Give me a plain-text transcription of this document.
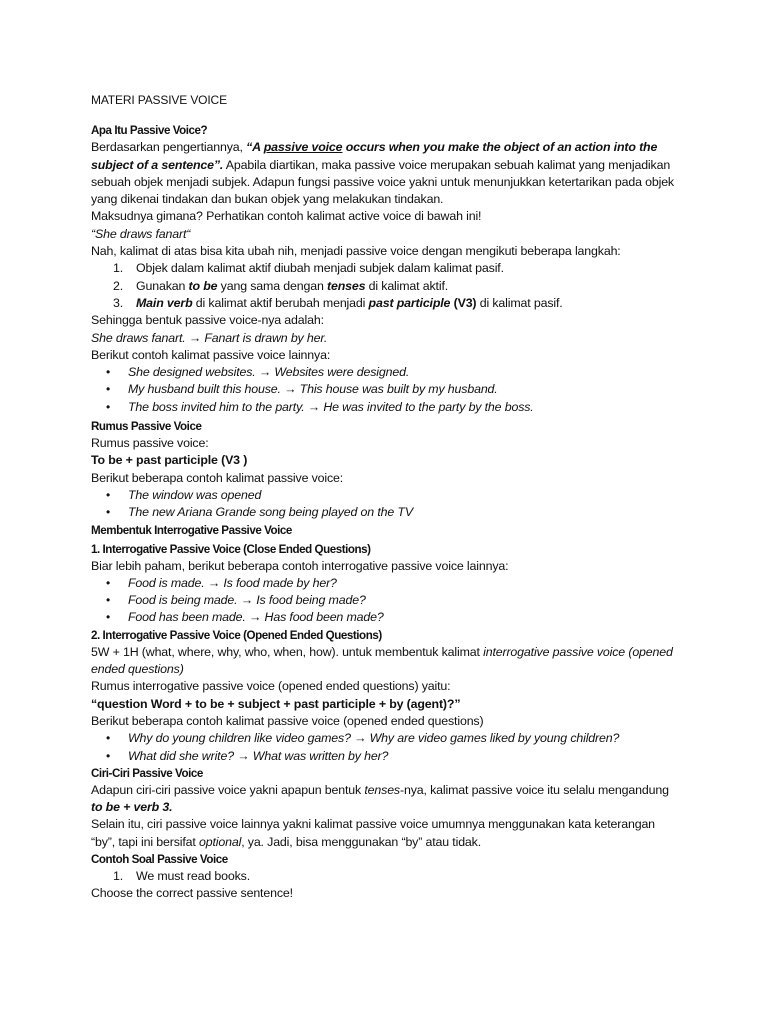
MATERI PASSIVE VOICE
Apa Itu Passive Voice?

Berdasarkan pengertiannya, “A passive voice occurs when you make the object of an action into the subject of a sentence”. Apabila diartikan, maka passive voice merupakan sebuah kalimat yang menjadikan sebuah objek menjadi subjek. Adapun fungsi passive voice yakni untuk menunjukkan ketertarikan pada objek yang dikenai tindakan dan bukan objek yang melakukan tindakan.

Maksudnya gimana? Perhatikan contoh kalimat active voice di bawah ini!

“She draws fanart“

Nah, kalimat di atas bisa kita ubah nih, menjadi passive voice dengan mengikuti beberapa langkah:

1. Objek dalam kalimat aktif diubah menjadi subjek dalam kalimat pasif.
2. Gunakan to be yang sama dengan tenses di kalimat aktif.
3. Main verb di kalimat aktif berubah menjadi past participle (V3) di kalimat pasif.

Sehingga bentuk passive voice-nya adalah:

She draws fanart. → Fanart is drawn by her.

Berikut contoh kalimat passive voice lainnya:

• She designed websites. → Websites were designed.
• My husband built this house. → This house was built by my husband.
• The boss invited him to the party. → He was invited to the party by the boss.
Rumus Passive Voice

Rumus passive voice:

To be + past participle (V3 )

Berikut beberapa contoh kalimat passive voice:

• The window was opened
• The new Ariana Grande song being played on the TV
Membentuk Interrogative Passive Voice
1. Interrogative Passive Voice (Close Ended Questions)

Biar lebih paham, berikut beberapa contoh interrogative passive voice lainnya:

• Food is made. → Is food made by her?
• Food is being made. → Is food being made?
• Food has been made. → Has food been made?
2. Interrogative Passive Voice (Opened Ended Questions)

5W + 1H (what, where, why, who, when, how). untuk membentuk kalimat interrogative passive voice (opened ended questions)

Rumus interrogative passive voice (opened ended questions) yaitu:

“question Word + to be + subject + past participle + by (agent)?”

Berikut beberapa contoh kalimat passive voice (opened ended questions)

• Why do young children like video games? → Why are video games liked by young children?
• What did she write? → What was written by her?
Ciri-Ciri Passive Voice

Adapun ciri-ciri passive voice yakni apapun bentuk tenses-nya, kalimat passive voice itu selalu mengandung to be + verb 3.

Selain itu, ciri passive voice lainnya yakni kalimat passive voice umumnya menggunakan kata keterangan “by”, tapi ini bersifat optional, ya. Jadi, bisa menggunakan “by” atau tidak.

Contoh Soal Passive Voice
1. We must read books.

Choose the correct passive sentence!
